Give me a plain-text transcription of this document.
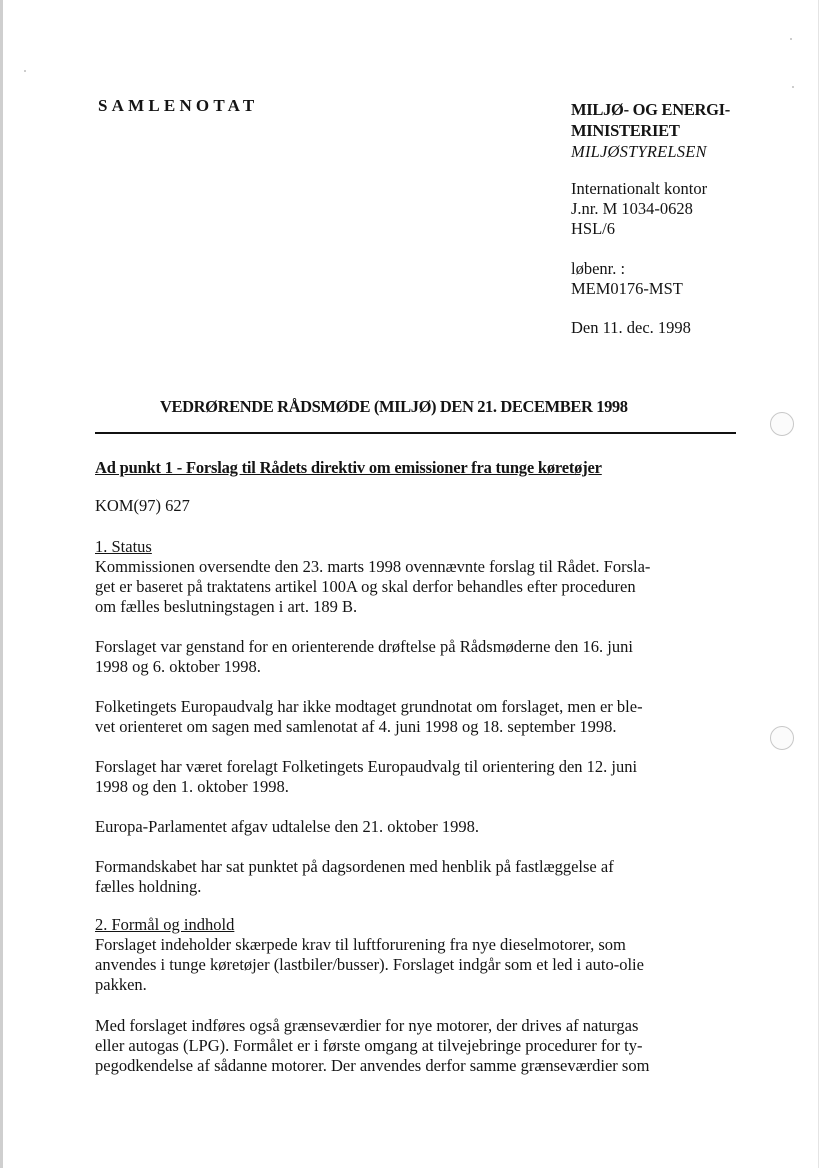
SAMLENOTAT	MILJØ- OG ENERGI-
MINISTERIET
MILJØSTYRELSEN
Internationalt kontor
J.nr. M 1034-0628
HSL/6
løbenr. :
MEM0176-MST
Den 11. dec. 1998
VEDRØRENDE RÅDSMØDE (MILJØ) DEN 21. DECEMBER 1998
Ad punkt 1 - Forslag til Rådets direktiv om emissioner fra tunge køretøjer
KOM(97) 627
1. Status
Kommissionen oversendte den 23. marts 1998 ovennævnte forslag til Rådet. Forsla-
get er baseret på traktatens artikel 100A og skal derfor behandles efter proceduren
om fælles beslutningstagen i art. 189 B.
Forslaget var genstand for en orienterende drøftelse på Rådsmøderne den 16. juni
1998 og 6. oktober 1998.
Folketingets Europaudvalg har ikke modtaget grundnotat om forslaget, men er ble-
vet orienteret om sagen med samlenotat af 4. juni 1998 og 18. september 1998.
Forslaget har været forelagt Folketingets Europaudvalg til orientering den 12. juni
1998 og den 1. oktober 1998.
Europa-Parlamentet afgav udtalelse den 21. oktober 1998.
Formandskabet har sat punktet på dagsordenen med henblik på fastlæggelse af
fælles holdning.
2. Formål og indhold
Forslaget indeholder skærpede krav til luftforurening fra nye dieselmotorer, som
anvendes i tunge køretøjer (lastbiler/busser). Forslaget indgår som et led i auto-olie
pakken.
Med forslaget indføres også grænseværdier for nye motorer, der drives af naturgas
eller autogas (LPG). Formålet er i første omgang at tilvejebringe procedurer for ty-
pegodkendelse af sådanne motorer. Der anvendes derfor samme grænseværdier som
